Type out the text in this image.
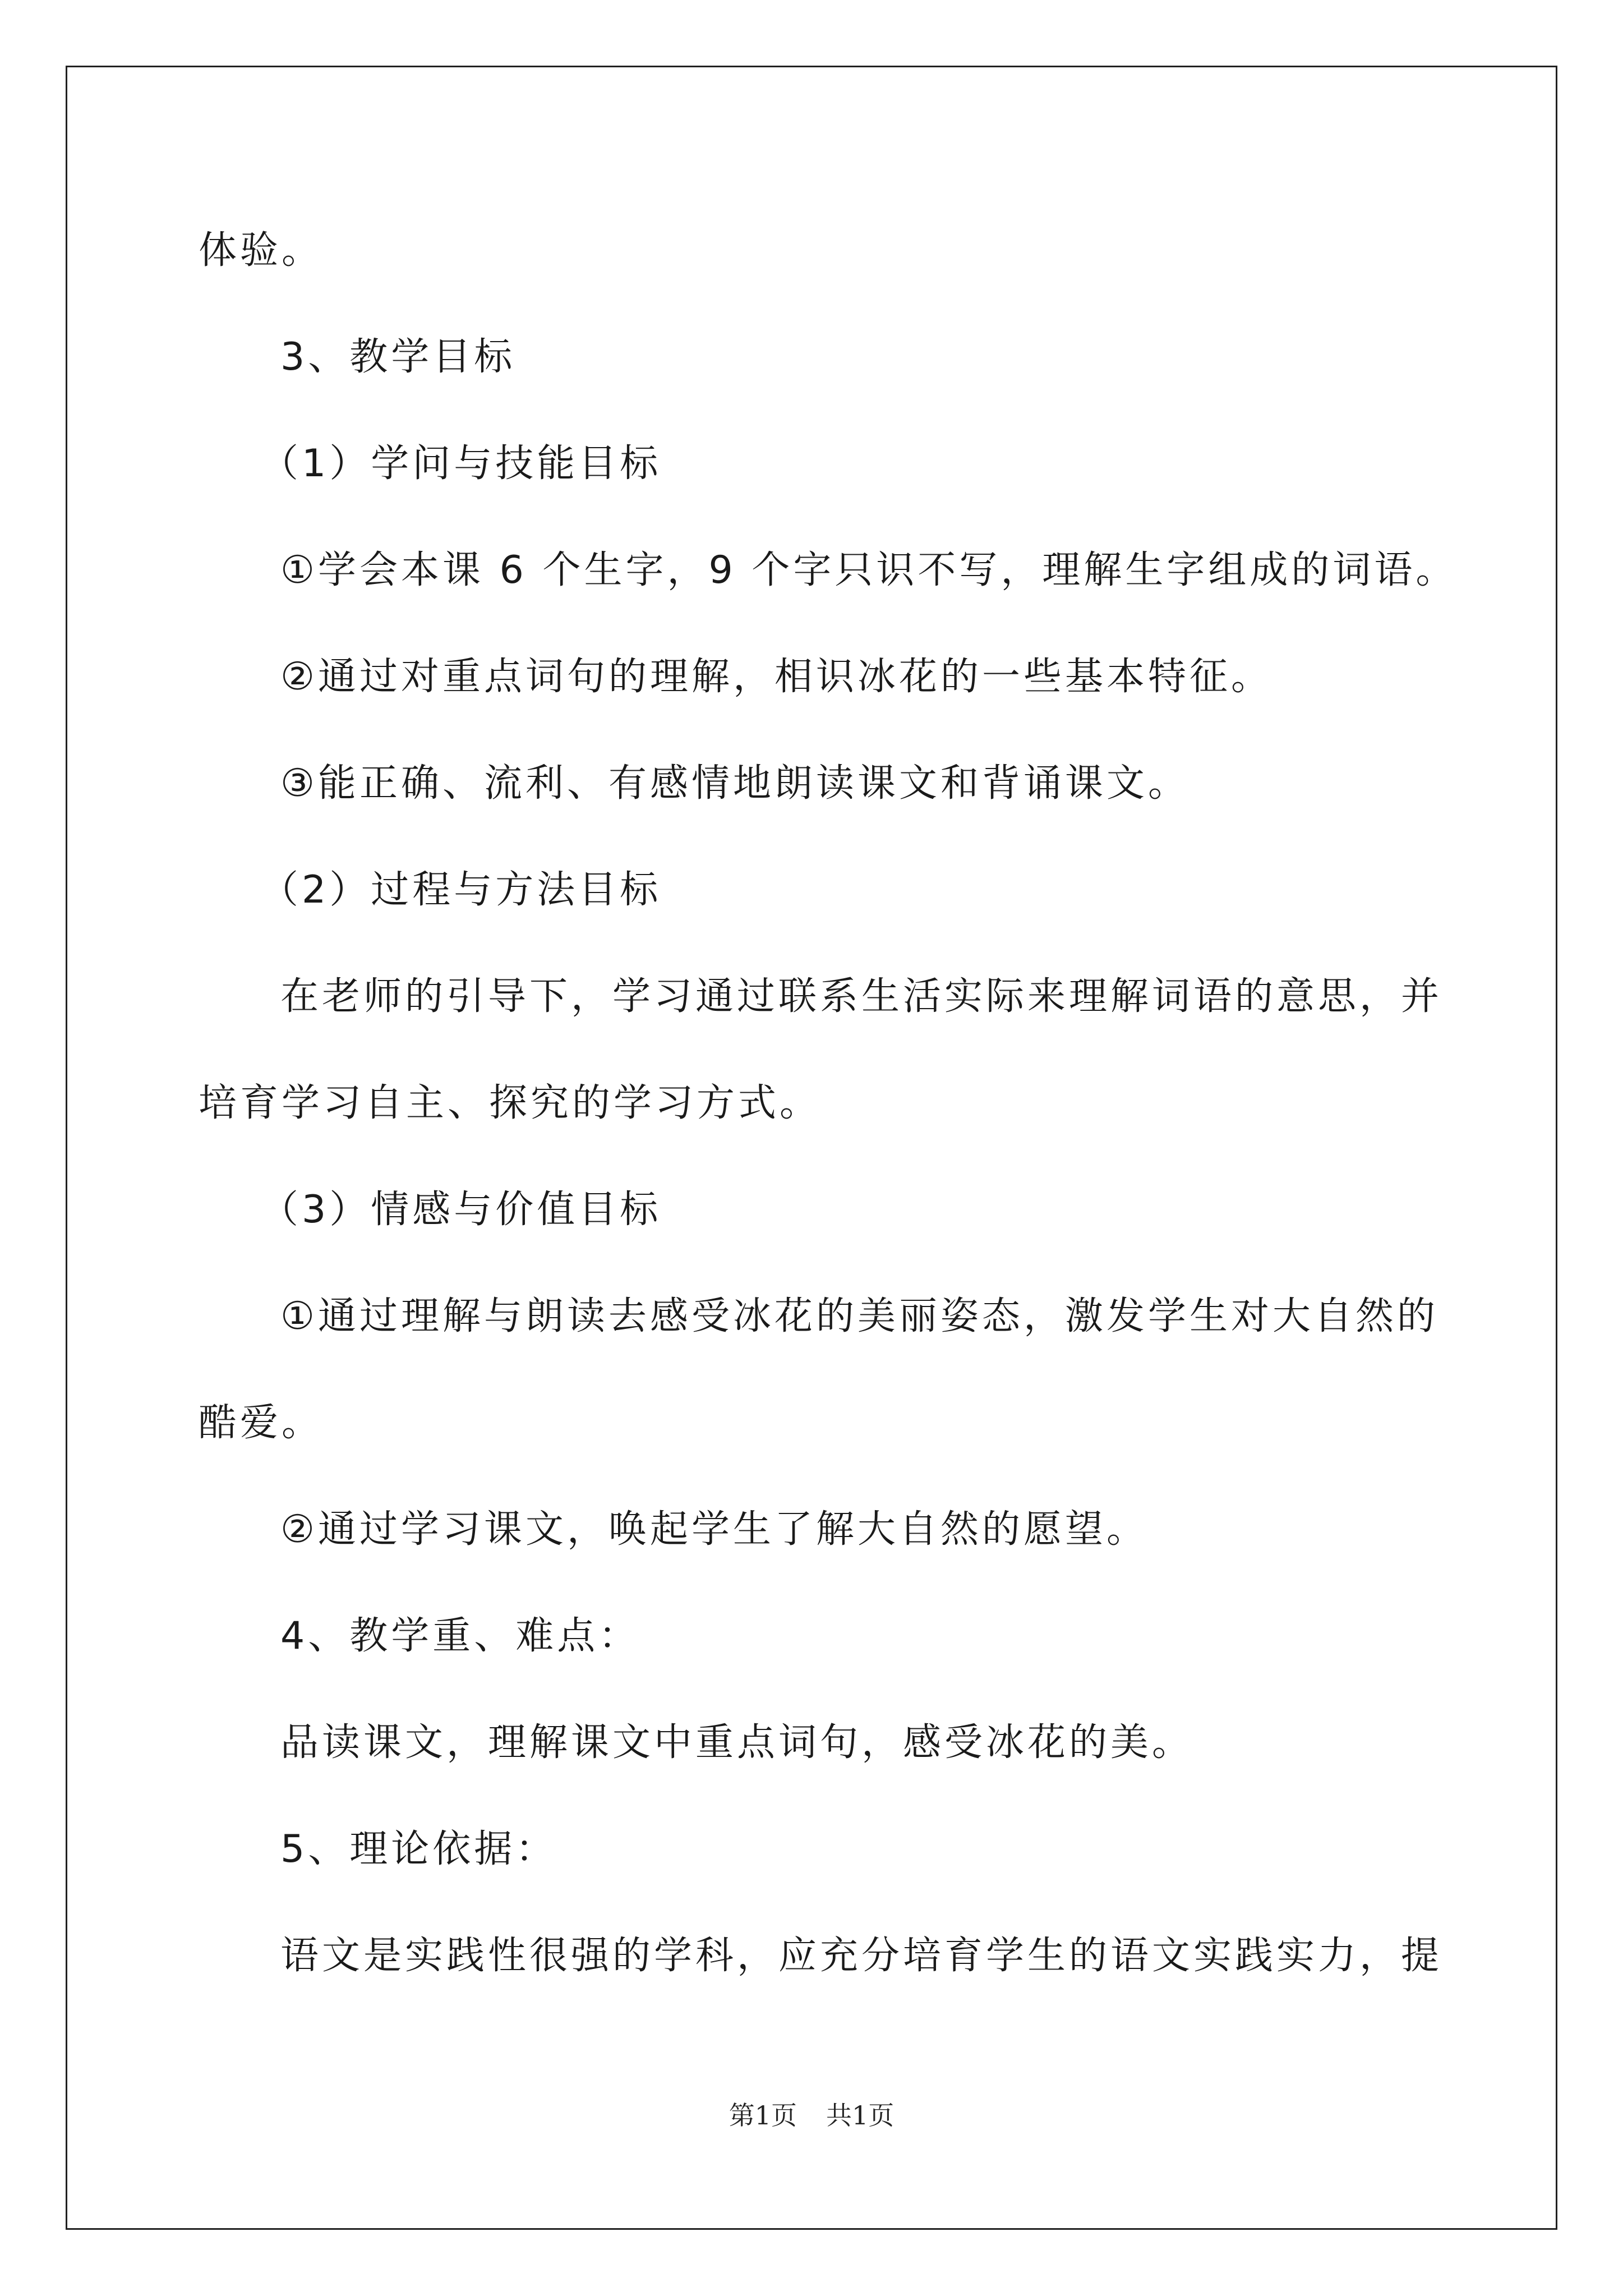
体验。
3、教学目标
（1）学问与技能目标
①学会本课 6 个生字，9 个字只识不写，理解生字组成的词语。
②通过对重点词句的理解，相识冰花的一些基本特征。
③能正确、流利、有感情地朗读课文和背诵课文。
（2）过程与方法目标
在老师的引导下，学习通过联系生活实际来理解词语的意思，并
培育学习自主、探究的学习方式。
（3）情感与价值目标
①通过理解与朗读去感受冰花的美丽姿态，激发学生对大自然的
酷爱。
②通过学习课文，唤起学生了解大自然的愿望。
4、教学重、难点：
品读课文，理解课文中重点词句，感受冰花的美。
5、理论依据：
语文是实践性很强的学科，应充分培育学生的语文实践实力，提
第1页 共1页
